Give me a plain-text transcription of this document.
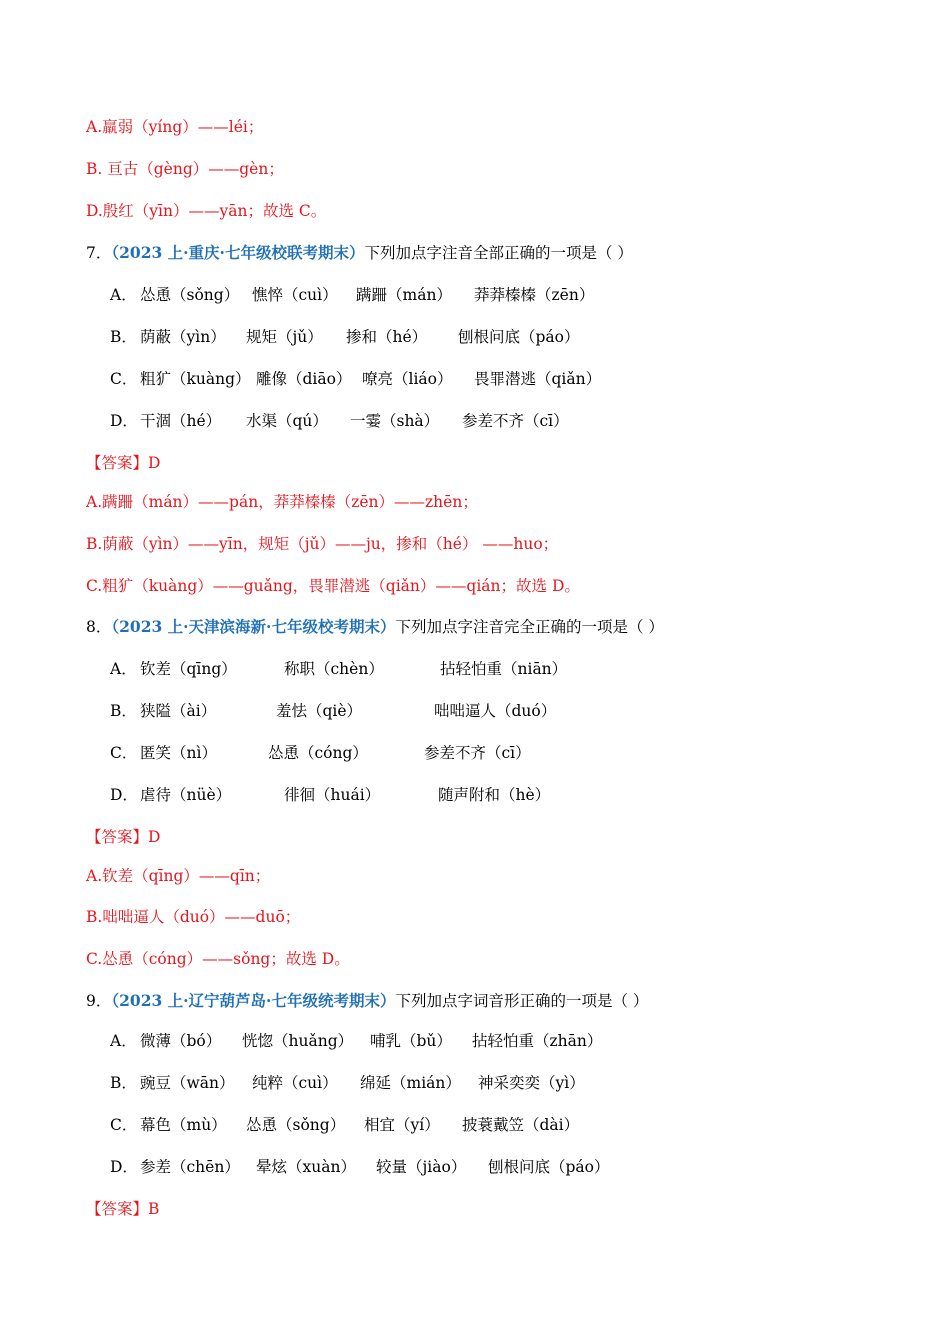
A.羸弱（yíng）——léi；
B. 亘古（gèng）——gèn；
D.殷红（yīn）——yān；故选 C。
7．（2023 上·重庆·七年级校联考期末）下列加点字注音全部正确的一项是（ ）
A． 怂恿（sǒng） 憔悴（cuì） 蹒跚（mán） 莽莽榛榛（zēn）
B． 荫蔽（yìn） 规矩（jǔ） 掺和（hé） 刨根问底（páo）
C． 粗犷（kuàng） 雕像（diāo） 嘹亮（liáo） 畏罪潜逃（qiǎn）
D． 干涸（hé） 水渠（qú） 一霎（shà） 参差不齐（cī）
【答案】D
A.蹒跚（mán）——pán，莽莽榛榛（zēn）——zhēn；
B.荫蔽（yìn）——yīn，规矩（jǔ）——ju，掺和（hé） ——huo；
C.粗犷（kuàng）——guǎng，畏罪潜逃（qiǎn）——qián；故选 D。
8．（2023 上·天津滨海新·七年级校考期末）下列加点字注音完全正确的一项是（ ）
A． 钦差（qīng）	称职（chèn）	拈轻怕重（niān）
B． 狭隘（ài）	羞怯（qiè）	咄咄逼人（duó）
C． 匿笑（nì）	怂恿（cóng）	参差不齐（cī）
D． 虐待（nüè）	徘徊（huái）	随声附和（hè）
【答案】D
A.钦差（qīng）——qīn；
B.咄咄逼人（duó）——duō；
C.怂恿（cóng）——sǒng；故选 D。
9．（2023 上·辽宁葫芦岛·七年级统考期末）下列加点字词音形正确的一项是（ ）
A． 微薄（bó） 恍惚（huǎng） 哺乳（bǔ） 拈轻怕重（zhān）
B． 豌豆（wān） 纯粹（cuì） 绵延（mián） 神采奕奕（yì）
C． 幕色（mù） 怂恿（sǒng） 相宜（yí） 披蓑戴笠（dài）
D． 参差（chēn） 晕炫（xuàn） 较量（jiào） 刨根问底（páo）
【答案】B
